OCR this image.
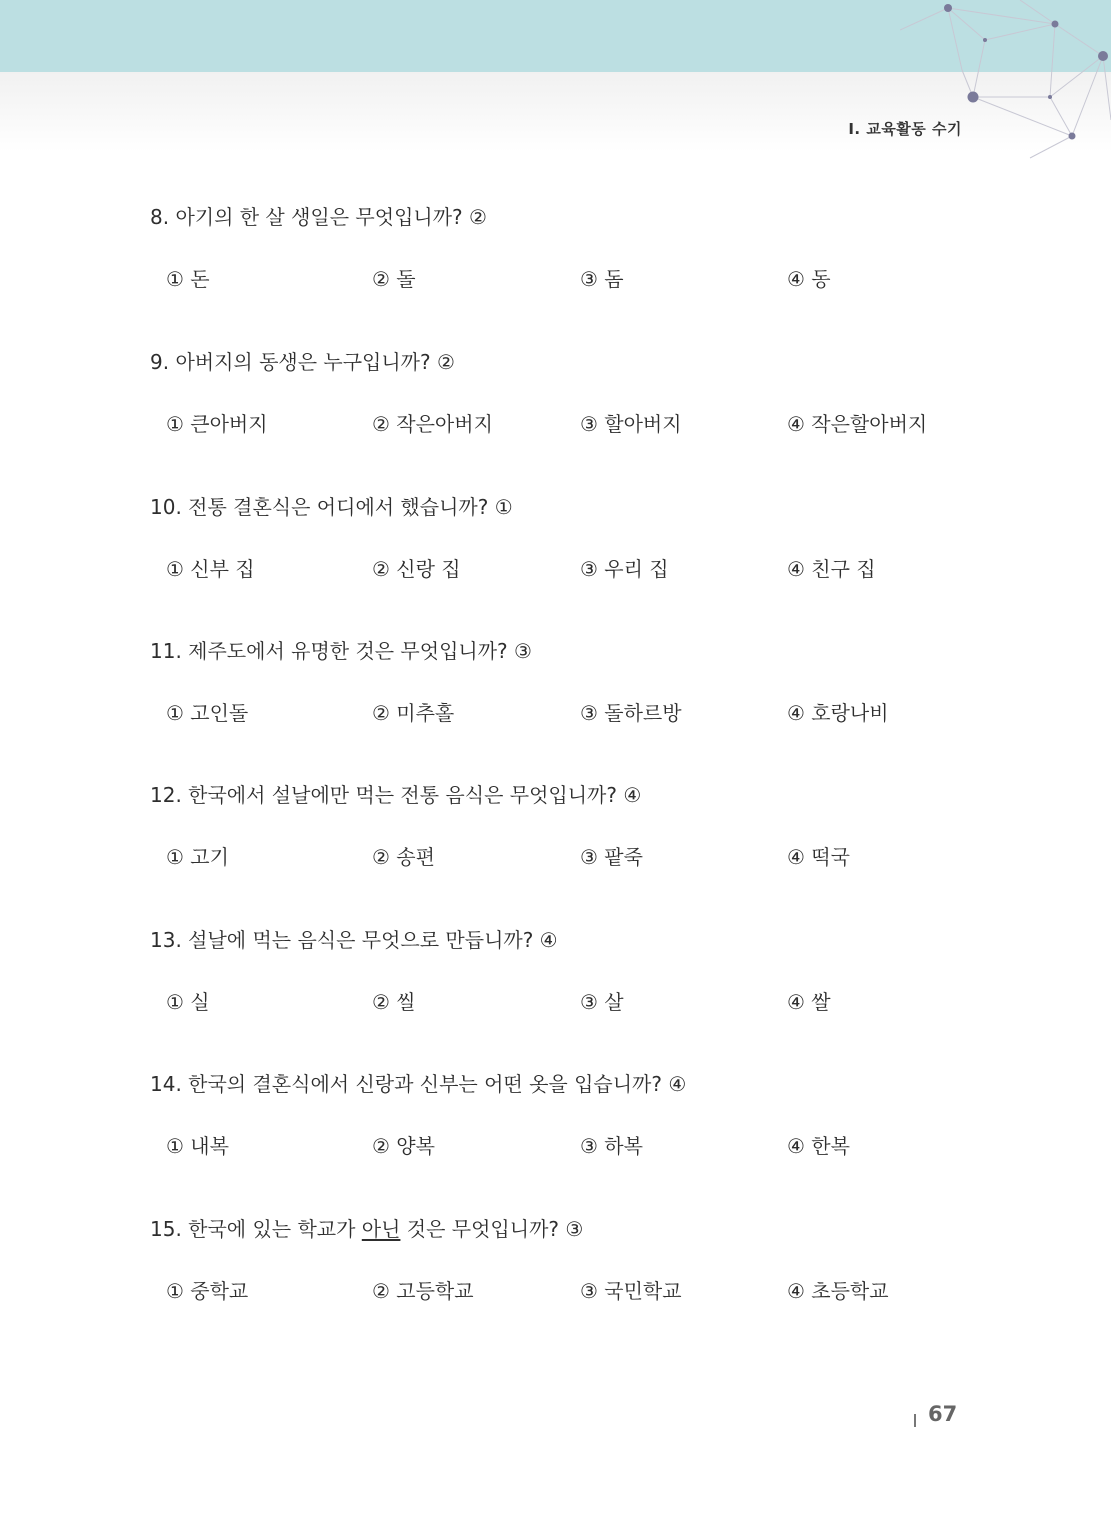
Ⅰ. 교육활동 수기
8. 아기의 한 살 생일은 무엇입니까? ②
① 돈	② 돌	③ 돔	④ 동
9. 아버지의 동생은 누구입니까? ②
① 큰아버지	② 작은아버지	③ 할아버지	④ 작은할아버지
10. 전통 결혼식은 어디에서 했습니까? ①
① 신부 집	② 신랑 집	③ 우리 집	④ 친구 집
11. 제주도에서 유명한 것은 무엇입니까? ③
① 고인돌	② 미추홀	③ 돌하르방	④ 호랑나비
12. 한국에서 설날에만 먹는 전통 음식은 무엇입니까? ④
① 고기	② 송편	③ 팥죽	④ 떡국
13. 설날에 먹는 음식은 무엇으로 만듭니까? ④
① 실	② 씰	③ 살	④ 쌀
14. 한국의 결혼식에서 신랑과 신부는 어떤 옷을 입습니까? ④
① 내복	② 양복	③ 하복	④ 한복
15. 한국에 있는 학교가 아닌 것은 무엇입니까? ③
① 중학교	② 고등학교	③ 국민학교	④ 초등학교
67
